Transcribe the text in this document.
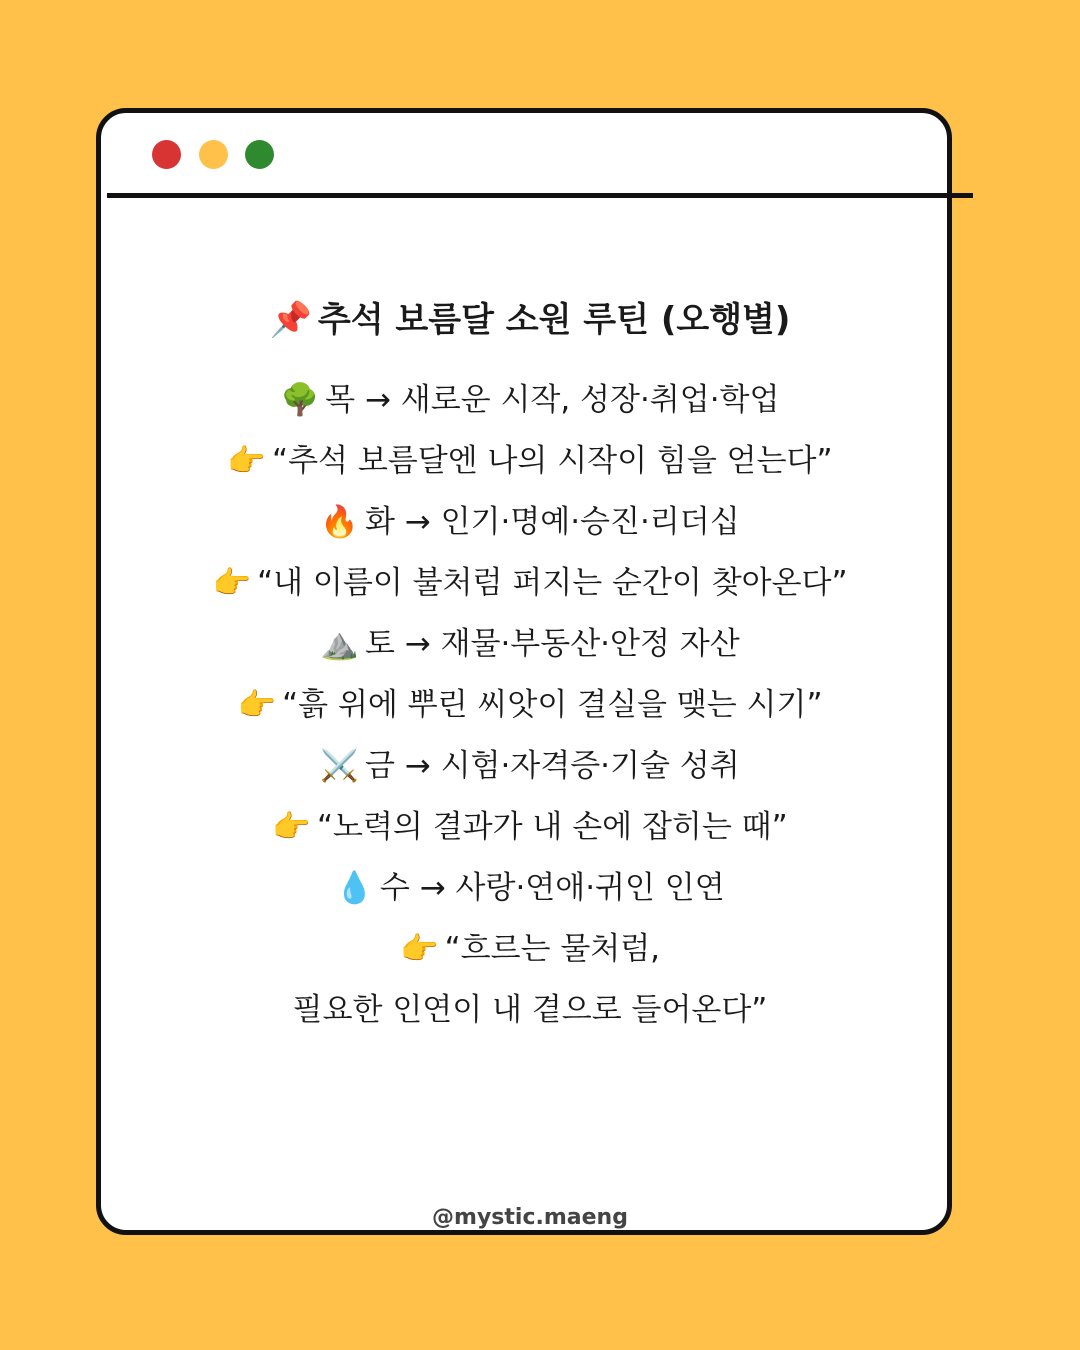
📌 추석 보름달 소원 루틴 (오행별)
🌳 목 → 새로운 시작, 성장·취업·학업
👉 “추석 보름달엔 나의 시작이 힘을 얻는다”
🔥 화 → 인기·명예·승진·리더십
👉 “내 이름이 불처럼 퍼지는 순간이 찾아온다”
⛰️ 토 → 재물·부동산·안정 자산
👉 “흙 위에 뿌린 씨앗이 결실을 맺는 시기”
⚔️ 금 → 시험·자격증·기술 성취
👉 “노력의 결과가 내 손에 잡히는 때”
💧 수 → 사랑·연애·귀인 인연
👉 “흐르는 물처럼,
필요한 인연이 내 곁으로 들어온다”
@mystic.maeng
